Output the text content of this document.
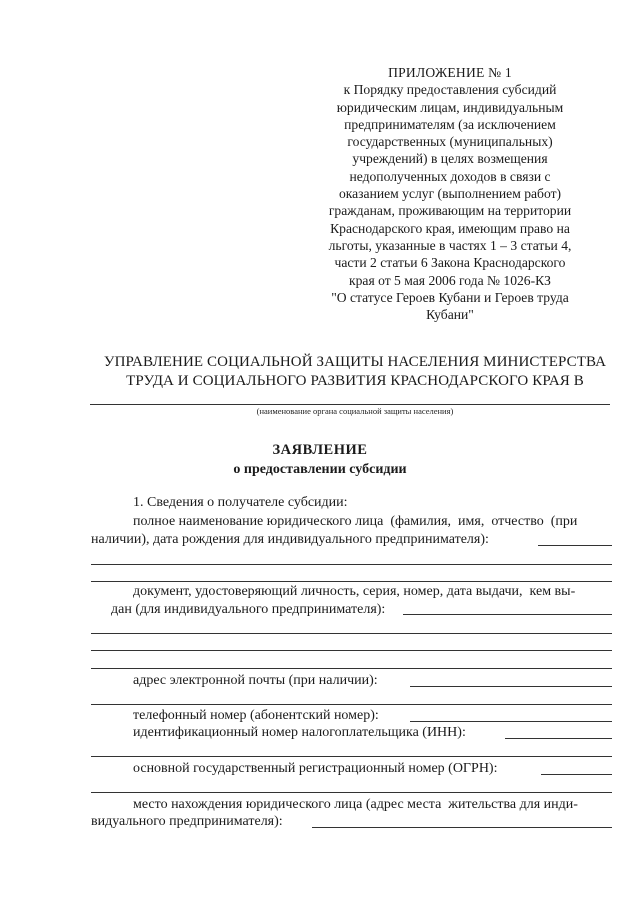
ПРИЛОЖЕНИЕ № 1
к Порядку предоставления субсидий
юридическим лицам, индивидуальным
предпринимателям (за исключением
государственных (муниципальных)
учреждений) в целях возмещения
недополученных доходов в связи с
оказанием услуг (выполнением работ)
гражданам, проживающим на территории
Краснодарского края, имеющим право на
льготы, указанные в частях 1 – 3 статьи 4,
части 2 статьи 6 Закона Краснодарского
края от 5 мая 2006 года № 1026-КЗ
"О статусе Героев Кубани и Героев труда
Кубани"
УПРАВЛЕНИЕ СОЦИАЛЬНОЙ ЗАЩИТЫ НАСЕЛЕНИЯ МИНИСТЕРСТВА
ТРУДА И СОЦИАЛЬНОГО РАЗВИТИЯ КРАСНОДАРСКОГО КРАЯ В
(наименование органа социальной защиты населения)
ЗАЯВЛЕНИЕ
о предоставлении субсидии
1. Сведения о получателе субсидии:
полное наименование юридического лица  (фамилия,  имя,  отчество  (при
наличии), дата рождения для индивидуального предпринимателя):
документ, удостоверяющий личность, серия, номер, дата выдачи,  кем вы-
дан (для индивидуального предпринимателя):
адрес электронной почты (при наличии):
телефонный номер (абонентский номер):
идентификационный номер налогоплательщика (ИНН):
основной государственный регистрационный номер (ОГРН):
место нахождения юридического лица (адрес места  жительства для инди-
видуального предпринимателя):
